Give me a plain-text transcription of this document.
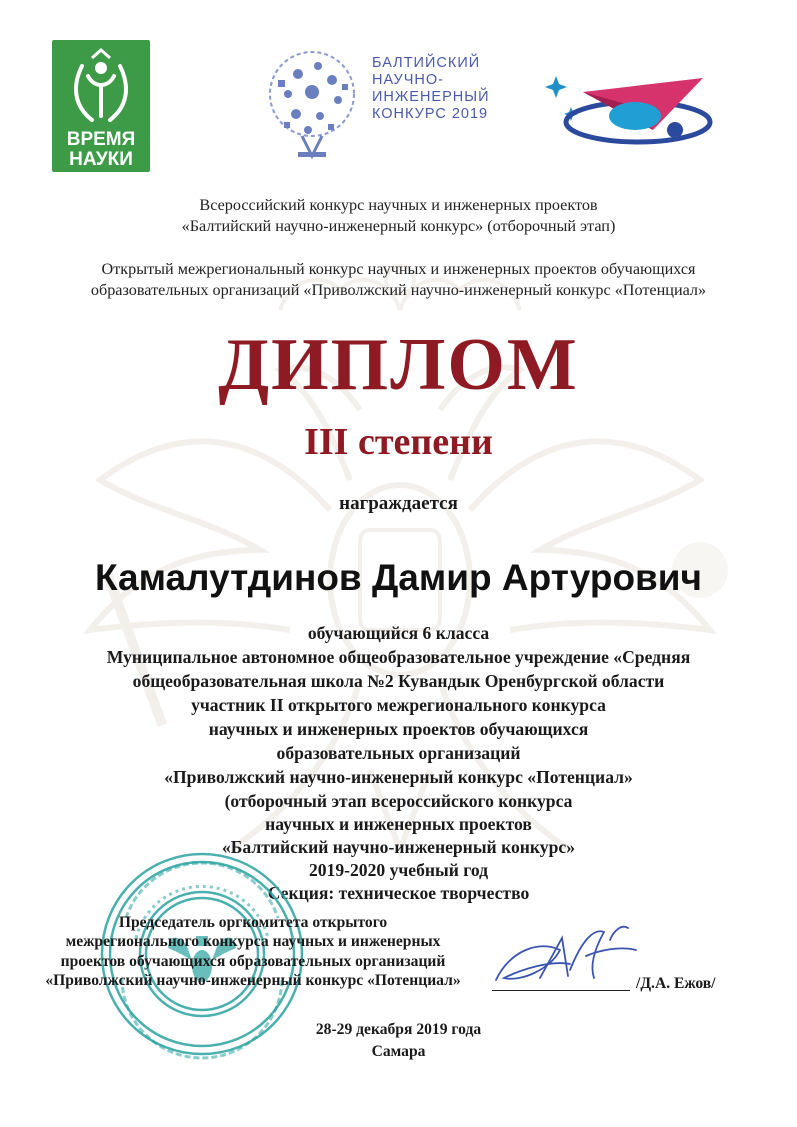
ВРЕМЯ
НАУКИ
БАЛТИЙСКИЙ
НАУЧНО-
ИНЖЕНЕРНЫЙ
КОНКУРС 2019
Всероссийский конкурс научных и инженерных проектов
«Балтийский научно-инженерный конкурс» (отборочный этап)
Открытый межрегиональный конкурс научных и инженерных проектов обучающихся
образовательных организаций «Приволжский научно-инженерный конкурс «Потенциал»
ДИПЛОМ
III степени
награждается
Камалутдинов Дамир Артурович
обучающийся 6 класса
Муниципальное автономное общеобразовательное учреждение «Средняя
общеобразовательная школа №2 Кувандык Оренбургской области
участник II открытого межрегионального конкурса
научных и инженерных проектов обучающихся
образовательных организаций
«Приволжский научно-инженерный конкурс «Потенциал»
(отборочный этап всероссийского конкурса
научных и инженерных проектов
«Балтийский научно-инженерный конкурс»
2019-2020 учебный год
Секция: техническое творчество
Председатель оргкомитета открытого
межрегионального конкурса научных и инженерных
проектов обучающихся образовательных организаций
«Приволжский научно-инженерный конкурс «Потенциал»	/Д.А. Ежов/
28-29 декабря 2019 года
Самара
